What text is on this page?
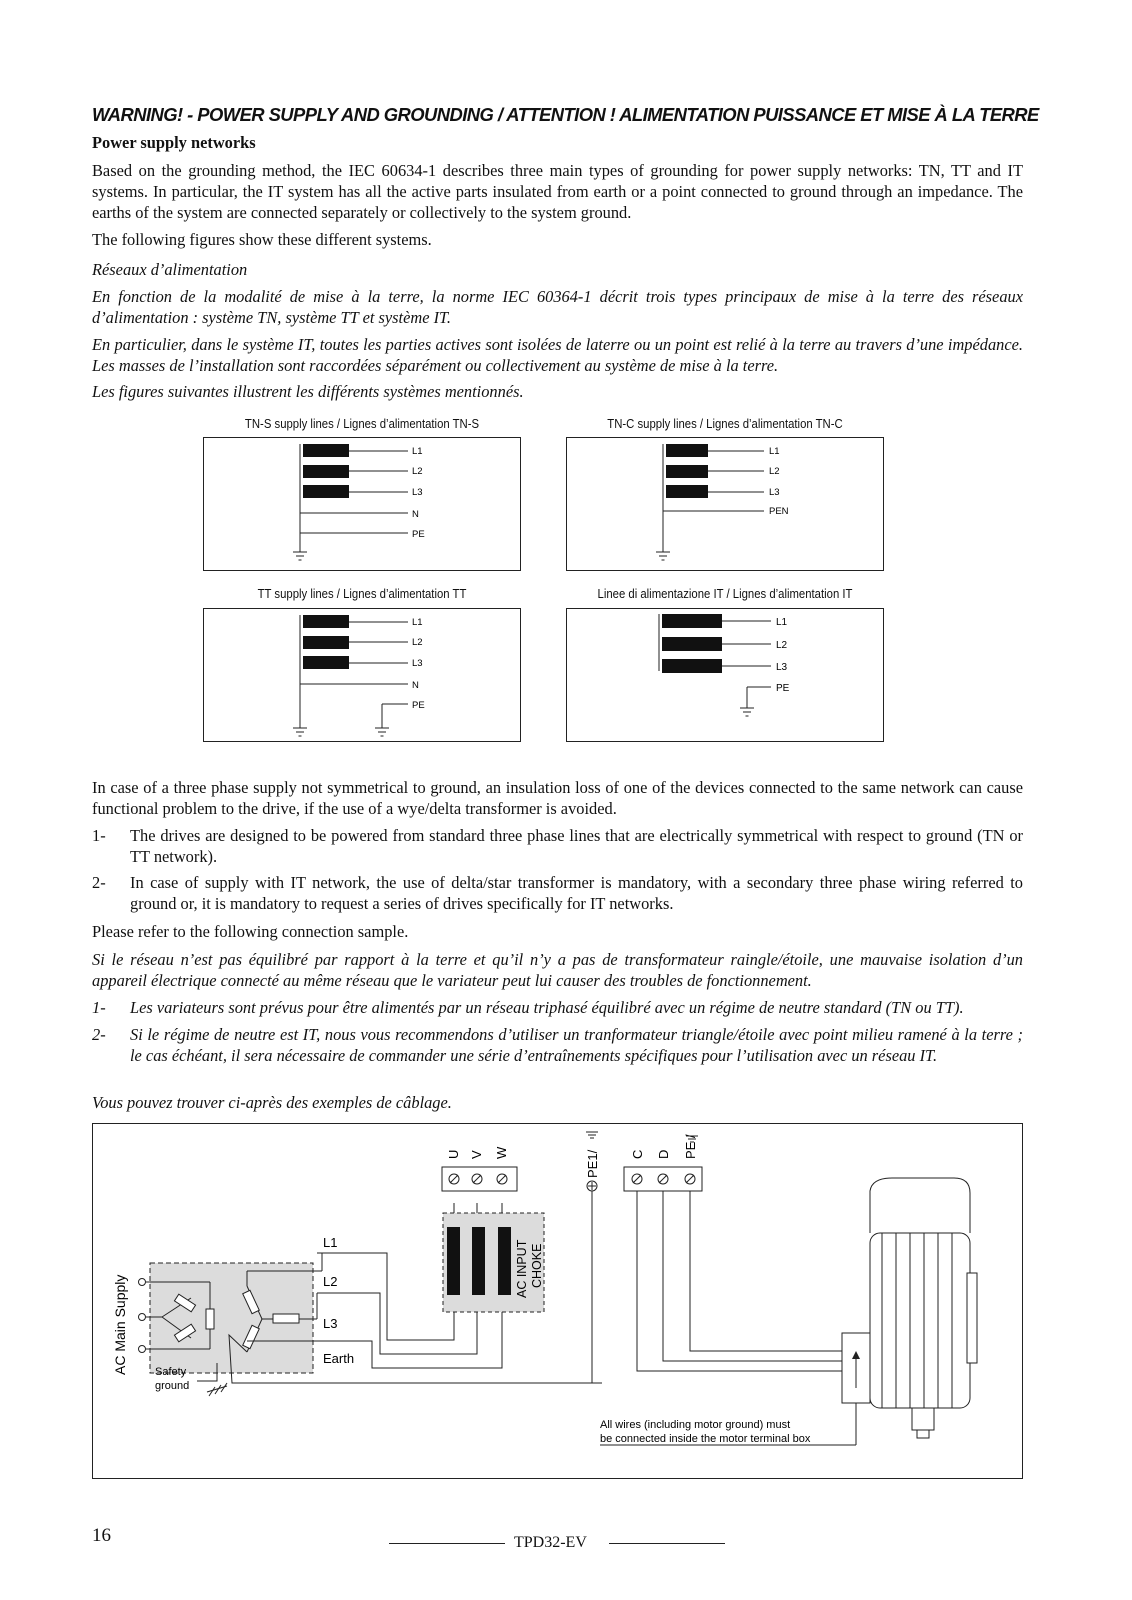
WARNING! - POWER SUPPLY AND GROUNDING / ATTENTION ! ALIMENTATION PUISSANCE ET MISE À LA TERRE
Power supply networks
Based on the grounding method, the IEC 60634-1 describes three main types of grounding for power supply networks: TN, TT and IT systems. In particular, the IT system has all the active parts insulated from earth or a point connected to ground through an impedance. The earths of the system are connected separately or collectively to the system ground.
The following figures show these different systems.
Réseaux d’alimentation
En fonction de la modalité de mise à la terre, la norme IEC 60364-1 décrit trois types principaux de mise à la terre des réseaux d’alimentation : système TN, système TT et système IT.
En particulier, dans le système IT, toutes les parties actives sont isolées de laterre ou un point est relié à la terre au travers d’une impédance. Les masses de l’installation sont raccordées séparément ou collectivement au système de mise à la terre.
Les figures suivantes illustrent les différents systèmes mentionnés.
TN-S supply lines / Lignes d’alimentation TN-S	TN-C supply lines / Lignes d’alimentation TN-C
TT supply lines / Lignes d’alimentation TT	Linee di alimentazione IT / Lignes d’alimentation IT
L1
L2
L3
N
PE
L1
L2
L3
PEN
L1
L2
L3
N
PE
L1
L2
L3
PE
In case of a three phase supply not symmetrical to ground, an insulation loss of one of the devices connected to the same network can cause functional problem to the drive, if the use of a wye/delta transformer is avoided.
1- The drives are designed to be powered from standard three phase lines that are electrically symmetrical with respect to ground (TN or TT network).
2- In case of supply with IT network, the use of delta/star transformer is mandatory, with a secondary three phase wiring referred to ground or, it is mandatory to request a series of drives specifically for IT networks.
Please refer to the following connection sample.
Si le réseau n’est pas équilibré par rapport à la terre et qu’il n’y a pas de transformateur raingle/étoile, une mauvaise isolation d’un appareil électrique connecté au même réseau que le variateur peut lui causer des troubles de fonctionnement.
1- Les variateurs sont prévus pour être alimentés par un réseau triphasé équilibré avec un régime de neutre standard (TN ou TT).
2- Si le régime de neutre est IT, nous vous recommendons d’utiliser un tranformateur triangle/étoile avec point milieu ramené à la terre ; le cas échéant, il sera nécessaire de commander une série d’entraînements spécifiques pour l’utilisation avec un réseau IT.
Vous pouvez trouver ci-après des exemples de câblage.
AC Main Supply
L1
L2
L3
Earth
Safety
ground
AC INPUT CHOKE
U V W	PE1/ C D PE /
All wires (including motor ground) must
be connected inside the motor terminal box
16	TPD32-EV
